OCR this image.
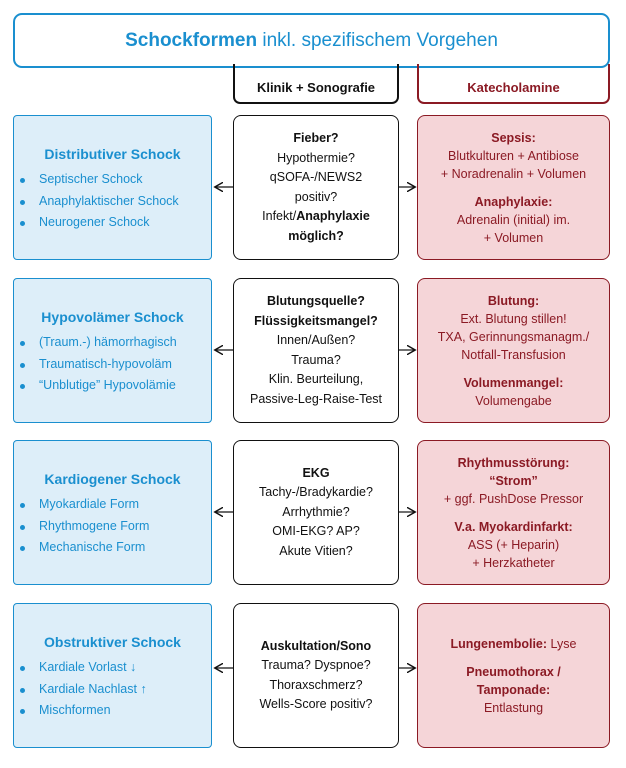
Schockformen inkl. spezifischem Vorgehen
Klinik + Sonografie	Katecholamine
Distributiver Schock
Septischer Schock
Anaphylaktischer Schock
Neurogener Schock
Fieber?
Hypothermie?
qSOFA-/NEWS2
positiv?
Infekt/Anaphylaxie
möglich?
Sepsis:
Blutkulturen + Antibiose
+ Noradrenalin + Volumen
Anaphylaxie:
Adrenalin (initial) im.
+ Volumen
Hypovolämer Schock
(Traum.-) hämorrhagisch
Traumatisch-hypovoläm
“Unblutige” Hypovolämie
Blutungsquelle?
Flüssigkeitsmangel?
Innen/Außen?
Trauma?
Klin. Beurteilung,
Passive-Leg-Raise-Test
Blutung:
Ext. Blutung stillen!
TXA, Gerinnungsmanagm./
Notfall-Transfusion
Volumenmangel:
Volumengabe
Kardiogener Schock
Myokardiale Form
Rhythmogene Form
Mechanische Form
EKG
Tachy-/Bradykardie?
Arrhythmie?
OMI-EKG? AP?
Akute Vitien?
Rhythmusstörung:
“Strom”
+ ggf. PushDose Pressor
V.a. Myokardinfarkt:
ASS (+ Heparin)
+ Herzkatheter
Obstruktiver Schock
Kardiale Vorlast ↓
Kardiale Nachlast ↑
Mischformen
Auskultation/Sono
Trauma? Dyspnoe?
Thoraxschmerz?
Wells-Score positiv?
Lungenembolie: Lyse
Pneumothorax /
Tamponade:
Entlastung
